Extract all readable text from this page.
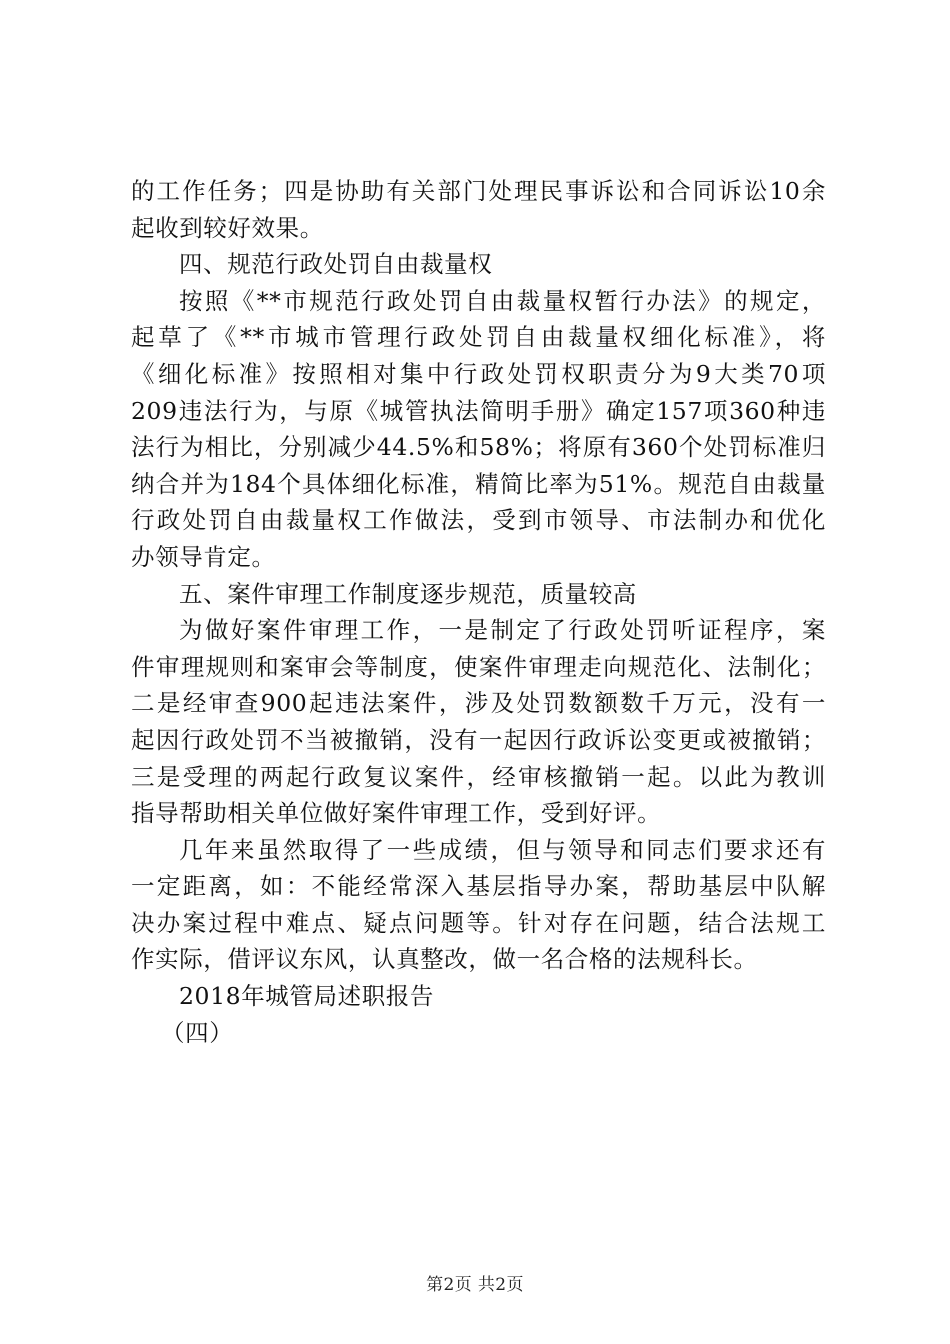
的工作任务；四是协助有关部门处理民事诉讼和合同诉讼10余
起收到较好效果。
四、规范行政处罚自由裁量权
按照《**市规范行政处罚自由裁量权暂行办法》的规定，
起草了《**市城市管理行政处罚自由裁量权细化标准》，将
《细化标准》按照相对集中行政处罚权职责分为9大类70项
209违法行为，与原《城管执法简明手册》确定157项360种违
法行为相比，分别减少44.5%和58%；将原有360个处罚标准归
纳合并为184个具体细化标准，精简比率为51%。规范自由裁量
行政处罚自由裁量权工作做法，受到市领导、市法制办和优化
办领导肯定。
五、案件审理工作制度逐步规范，质量较高
为做好案件审理工作，一是制定了行政处罚听证程序，案
件审理规则和案审会等制度，使案件审理走向规范化、法制化；
二是经审查900起违法案件，涉及处罚数额数千万元，没有一
起因行政处罚不当被撤销，没有一起因行政诉讼变更或被撤销；
三是受理的两起行政复议案件，经审核撤销一起。以此为教训
指导帮助相关单位做好案件审理工作，受到好评。
几年来虽然取得了一些成绩，但与领导和同志们要求还有
一定距离，如：不能经常深入基层指导办案，帮助基层中队解
决办案过程中难点、疑点问题等。针对存在问题，结合法规工
作实际，借评议东风，认真整改，做一名合格的法规科长。
2018年城管局述职报告
（四）
第2页 共2页
